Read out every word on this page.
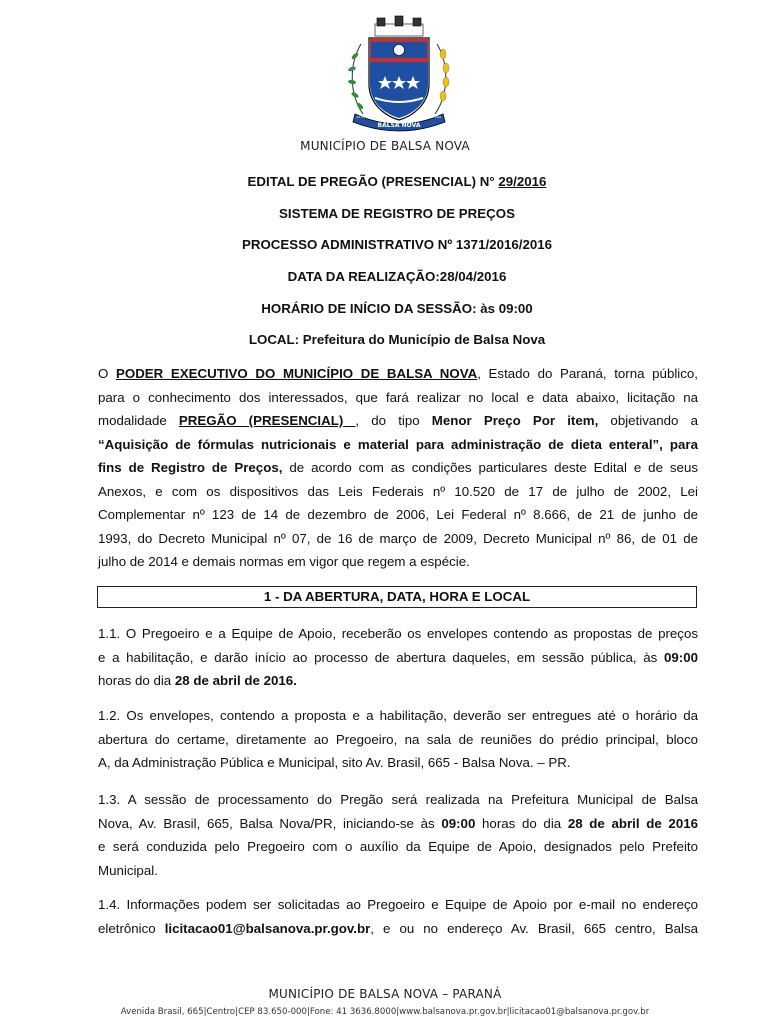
BALSA NOVA
25-01-1961	24-11-1961
MUNICÍPIO DE BALSA NOVA
EDITAL DE PREGÃO (PRESENCIAL) N° 29/2016
SISTEMA DE REGISTRO DE PREÇOS
PROCESSO ADMINISTRATIVO Nº 1371/2016/2016
DATA DA REALIZAÇÃO:28/04/2016
HORÁRIO DE INÍCIO DA SESSÃO: às 09:00
LOCAL: Prefeitura do Município de Balsa Nova
O PODER EXECUTIVO DO MUNICÍPIO DE BALSA NOVA, Estado do Paraná, torna público,
para o conhecimento dos interessados, que fará realizar no local e data abaixo, licitação na
modalidade PREGÃO (PRESENCIAL) , do tipo Menor Preço Por item, objetivando a
“Aquisição de fórmulas nutricionais e material para administração de dieta enteral”, para
fins de Registro de Preços, de acordo com as condições particulares deste Edital e de seus
Anexos, e com os dispositivos das Leis Federais nº 10.520 de 17 de julho de 2002, Lei
Complementar nº 123 de 14 de dezembro de 2006, Lei Federal nº 8.666, de 21 de junho de
1993, do Decreto Municipal nº 07, de 16 de março de 2009, Decreto Municipal nº 86, de 01 de
julho de 2014 e demais normas em vigor que regem a espécie.
1 - DA ABERTURA, DATA, HORA E LOCAL
1.1. O Pregoeiro e a Equipe de Apoio, receberão os envelopes contendo as propostas de preços
e a habilitação, e darão início ao processo de abertura daqueles, em sessão pública, às 09:00
horas do dia 28 de abril de 2016.
1.2. Os envelopes, contendo a proposta e a habilitação, deverão ser entregues até o horário da
abertura do certame, diretamente ao Pregoeiro, na sala de reuniões do prédio principal, bloco
A, da Administração Pública e Municipal, sito Av. Brasil, 665 - Balsa Nova. – PR.
1.3. A sessão de processamento do Pregão será realizada na Prefeitura Municipal de Balsa
Nova, Av. Brasil, 665, Balsa Nova/PR, iniciando-se às 09:00 horas do dia 28 de abril de 2016
e será conduzida pelo Pregoeiro com o auxílio da Equipe de Apoio, designados pelo Prefeito
Municipal.
1.4. Informações podem ser solicitadas ao Pregoeiro e Equipe de Apoio por e-mail no endereço
eletrônico licitacao01@balsanova.pr.gov.br, e ou no endereço Av. Brasil, 665 centro, Balsa
MUNICÍPIO DE BALSA NOVA – PARANÁ
Avenida Brasil, 665|Centro|CEP 83.650-000|Fone: 41 3636.8000|www.balsanova.pr.gov.br|licitacao01@balsanova.pr.gov.br
